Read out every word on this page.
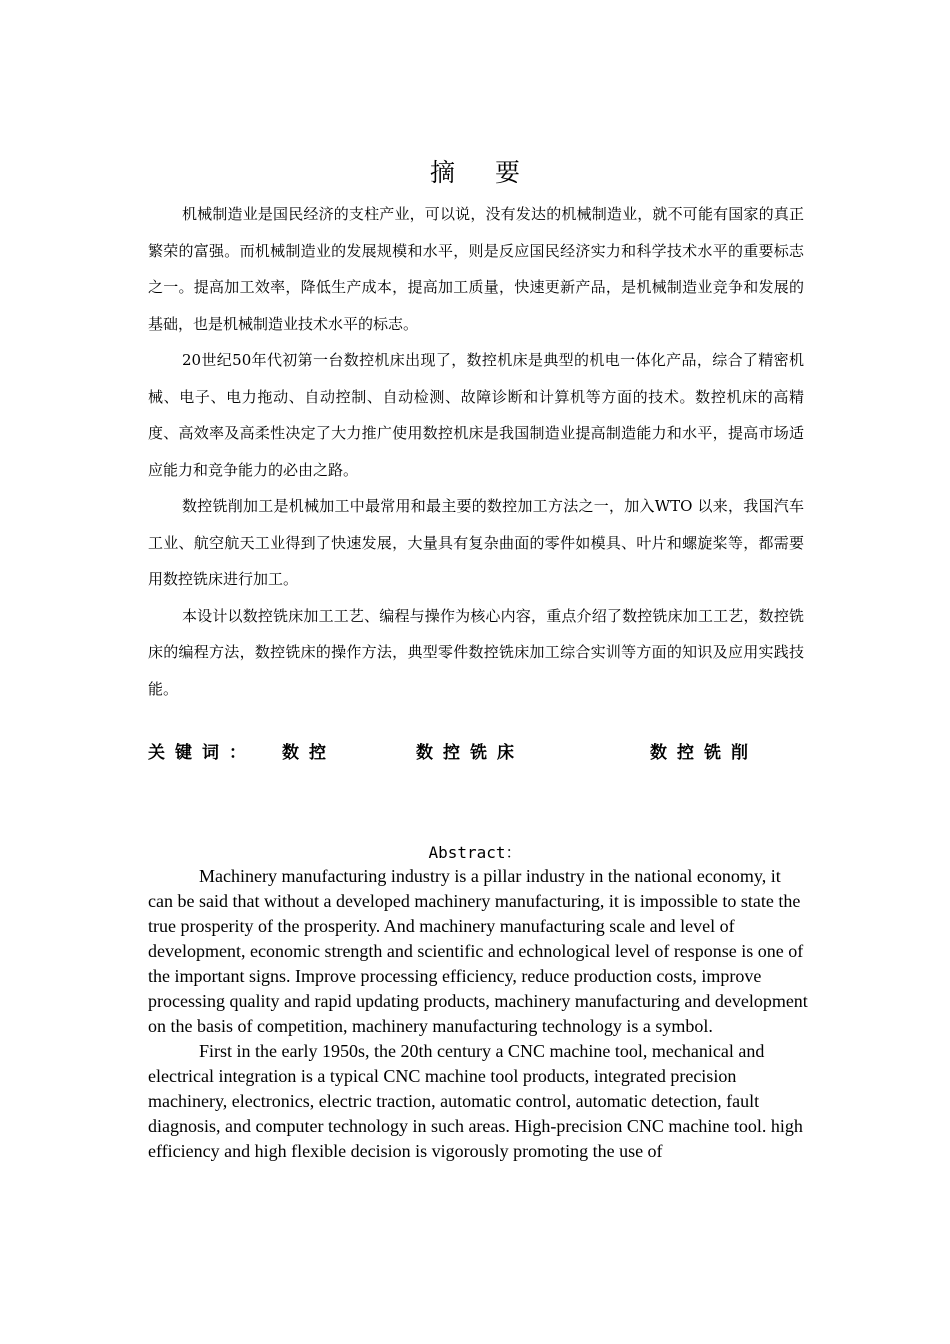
摘要

机械制造业是国民经济的支柱产业，可以说，没有发达的机械制造业，就不可能有国家的真正繁荣的富强。而机械制造业的发展规模和水平，则是反应国民经济实力和科学技术水平的重要标志之一。提高加工效率，降低生产成本，提高加工质量，快速更新产品，是机械制造业竞争和发展的基础，也是机械制造业技术水平的标志。

20世纪50年代初第一台数控机床出现了，数控机床是典型的机电一体化产品，综合了精密机械、电子、电力拖动、自动控制、自动检测、故障诊断和计算机等方面的技术。数控机床的高精度、高效率及高柔性决定了大力推广使用数控机床是我国制造业提高制造能力和水平，提高市场适应能力和竞争能力的必由之路。

数控铣削加工是机械加工中最常用和最主要的数控加工方法之一，加入WTO 以来，我国汽车工业、航空航天工业得到了快速发展，大量具有复杂曲面的零件如模具、叶片和螺旋桨等，都需要用数控铣床进行加工。

本设计以数控铣床加工工艺、编程与操作为核心内容，重点介绍了数控铣床加工工艺，数控铣床的编程方法，数控铣床的操作方法，典型零件数控铣床加工综合实训等方面的知识及应用实践技能。

关键词： 数控	数控铣床	数控铣削
Abstract：

Machinery manufacturing industry is a pillar industry in the national economy, it can be said that without a developed machinery manufacturing, it is impossible to state the true prosperity of the prosperity. And machinery manufacturing scale and level of development, economic strength and scientific and echnological level of response is one of the important signs. Improve processing efficiency, reduce production costs, improve processing quality and rapid updating products, machinery manufacturing and development on the basis of competition, machinery manufacturing technology is a symbol.

First in the early 1950s, the 20th century a CNC machine tool, mechanical and electrical integration is a typical CNC machine tool products, integrated precision machinery, electronics, electric traction, automatic control, automatic detection, fault diagnosis, and computer technology in such areas. High-precision CNC machine tool. high efficiency and high flexible decision is vigorously promoting the use of
